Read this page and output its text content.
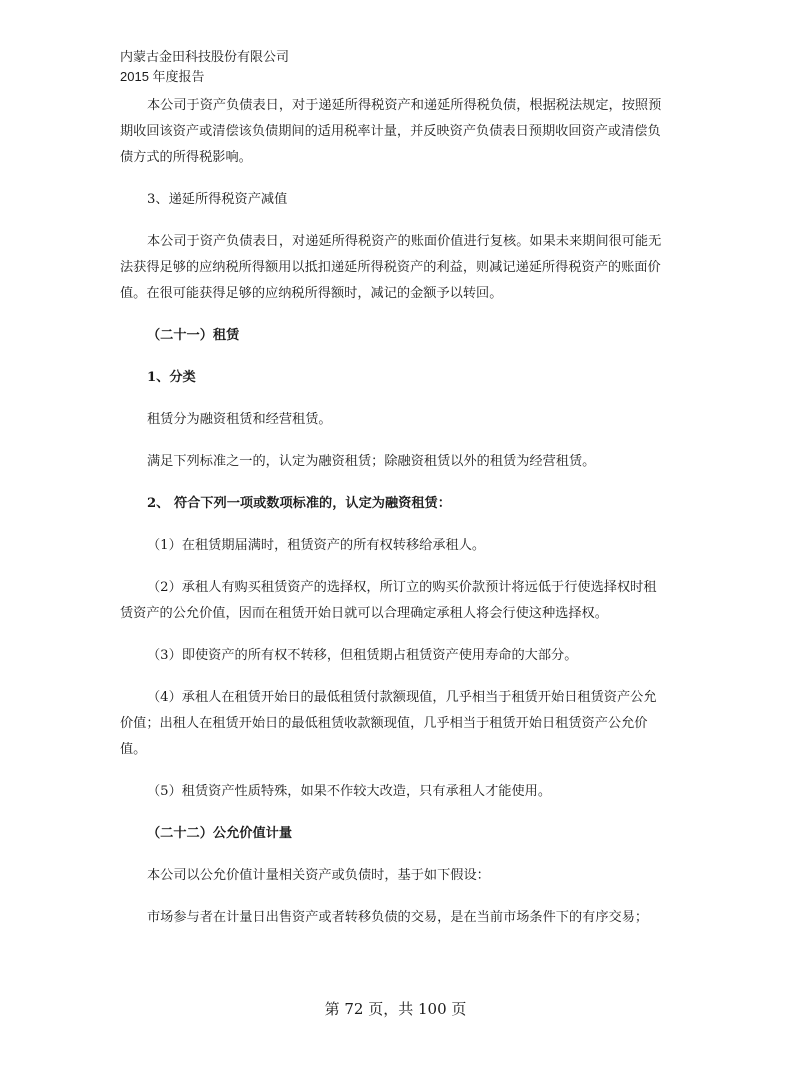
内蒙古金田科技股份有限公司
2015 年度报告

本公司于资产负债表日，对于递延所得税资产和递延所得税负债，根据税法规定，按照预期收回该资产或清偿该负债期间的适用税率计量，并反映资产负债表日预期收回资产或清偿负债方式的所得税影响。

3、递延所得税资产减值

本公司于资产负债表日，对递延所得税资产的账面价值进行复核。如果未来期间很可能无法获得足够的应纳税所得额用以抵扣递延所得税资产的利益，则减记递延所得税资产的账面价值。在很可能获得足够的应纳税所得额时，减记的金额予以转回。

（二十一）租赁

1、分类

租赁分为融资租赁和经营租赁。

满足下列标准之一的，认定为融资租赁；除融资租赁以外的租赁为经营租赁。

2、 符合下列一项或数项标准的，认定为融资租赁：

（1）在租赁期届满时，租赁资产的所有权转移给承租人。

（2）承租人有购买租赁资产的选择权，所订立的购买价款预计将远低于行使选择权时租赁资产的公允价值，因而在租赁开始日就可以合理确定承租人将会行使这种选择权。

（3）即使资产的所有权不转移，但租赁期占租赁资产使用寿命的大部分。

（4）承租人在租赁开始日的最低租赁付款额现值，几乎相当于租赁开始日租赁资产公允价值；出租人在租赁开始日的最低租赁收款额现值，几乎相当于租赁开始日租赁资产公允价值。

（5）租赁资产性质特殊，如果不作较大改造，只有承租人才能使用。

（二十二）公允价值计量

本公司以公允价值计量相关资产或负债时，基于如下假设：

市场参与者在计量日出售资产或者转移负债的交易，是在当前市场条件下的有序交易；

第 72 页，共 100 页
